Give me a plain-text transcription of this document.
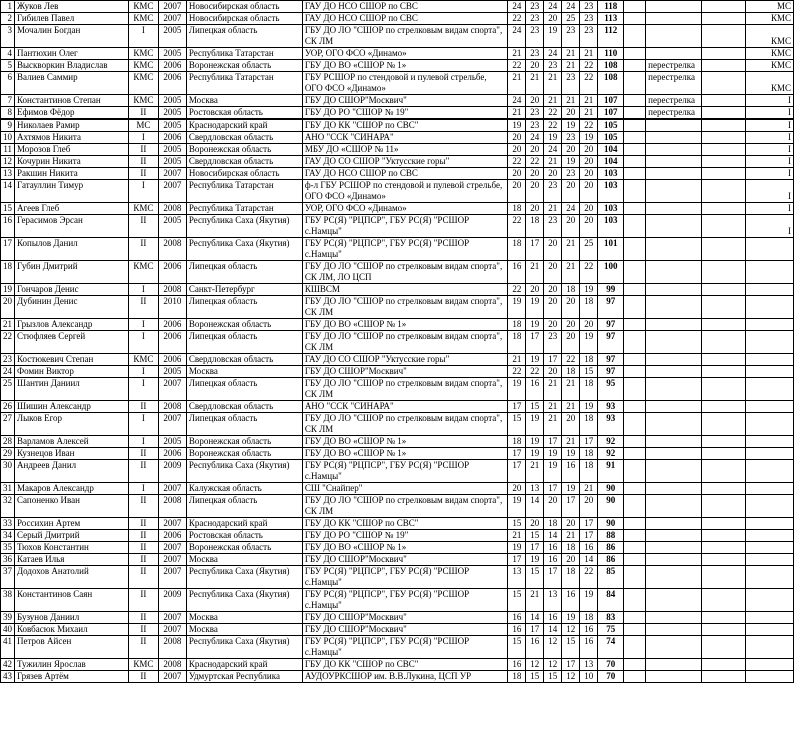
1	Жуков Лев	КМС	2007	Новосибирская область	ГАУ ДО НСО СШОР по СВС	24	23	24	24	23	118				МС
2	Гибилев Павел	КМС	2007	Новосибирская область	ГАУ ДО НСО СШОР по СВС	22	23	20	25	23	113				КМС
3	Мочалин Богдан	I	2005	Липецкая область	ГБУ ДО ЛО "СШОР по стрелковым видам спорта", СК ЛМ	24	23	19	23	23	112				КМС
4	Пантюхин Олег	КМС	2005	Республика Татарстан	УОР, ОГО ФСО «Динамо»	21	23	24	21	21	110				КМС
5	Выскворкин Владислав	КМС	2006	Воронежская область	ГБУ ДО ВО «СШОР № 1»	22	20	23	21	22	108		перестрелка		КМС
6	Валиев Саммир	КМС	2006	Республика Татарстан	ГБУ РСШОР по стендовой и пулевой стрельбе, ОГО ФСО «Динамо»	21	21	21	23	22	108		перестрелка		КМС
7	Константинов Степан	КМС	2005	Москва	ГБУ ДО СШОР"Москвич"	24	20	21	21	21	107		перестрелка		I
8	Ефимов Фёдор	II	2005	Ростовская область	ГБУ ДО РО "СШОР № 19"	21	23	22	20	21	107		перестрелка		I
9	Николаев Рамир	МС	2005	Краснодарский край	ГБУ ДО КК "СШОР по СВС"	19	23	22	19	22	105				I
10	Ахтямов Никита	I	2006	Свердловская область	АНО "ССК "СИНАРА"	20	24	19	23	19	105				I
11	Морозов Глеб	II	2005	Воронежская область	МБУ ДО «СШОР № 11»	20	20	24	20	20	104				I
12	Кочурин Никита	II	2005	Свердловская область	ГАУ ДО СО СШОР "Уктусские горы"	22	22	21	19	20	104				I
13	Ракшин Никита	II	2007	Новосибирская область	ГАУ ДО НСО СШОР по СВС	20	20	20	23	20	103				I
14	Гатауллин Тимур	I	2007	Республика Татарстан	ф-л ГБУ РСШОР по стендовой и пулевой стрельбе, ОГО ФСО «Динамо»	20	20	23	20	20	103				I
15	Агеев Глеб	КМС	2008	Республика Татарстан	УОР, ОГО ФСО «Динамо»	18	20	21	24	20	103				I
16	Герасимов Эрсан	II	2005	Республика Саха (Якутия)	ГБУ РС(Я) "РЦПСР", ГБУ РС(Я) "РСШОР с.Намцы"	22	18	23	20	20	103				I
17	Копылов Данил	II	2008	Республика Саха (Якутия)	ГБУ РС(Я) "РЦПСР", ГБУ РС(Я) "РСШОР с.Намцы"	18	17	20	21	25	101				
18	Губин Дмитрий	КМС	2006	Липецкая область	ГБУ ДО ЛО "СШОР по стрелковым видам спорта", СК ЛМ, ЛО ЦСП	16	21	20	21	22	100				
19	Гончаров Денис	I	2008	Санкт-Петербург	КШВСМ	22	20	20	18	19	99				
20	Дубинин Денис	II	2010	Липецкая область	ГБУ ДО ЛО "СШОР по стрелковым видам спорта", СК ЛМ	19	19	20	20	18	97				
21	Грызлов Александр	I	2006	Воронежская область	ГБУ ДО ВО «СШОР № 1»	18	19	20	20	20	97				
22	Стюфляев Сергей	I	2006	Липецкая область	ГБУ ДО ЛО "СШОР по стрелковым видам спорта", СК ЛМ	18	17	23	20	19	97				
23	Костюкевич Степан	КМС	2006	Свердловская область	ГАУ ДО СО СШОР "Уктусские горы"	21	19	17	22	18	97				
24	Фомин Виктор	I	2005	Москва	ГБУ ДО СШОР"Москвич"	22	22	20	18	15	97				
25	Шантин Даниил	I	2007	Липецкая область	ГБУ ДО ЛО "СШОР по стрелковым видам спорта", СК ЛМ	19	16	21	21	18	95				
26	Шишин Александр	II	2008	Свердловская область	АНО "ССК "СИНАРА"	17	15	21	21	19	93				
27	Лыков Егор	I	2007	Липецкая область	ГБУ ДО ЛО "СШОР по стрелковым видам спорта", СК ЛМ	15	19	21	20	18	93				
28	Варламов Алексей	I	2005	Воронежская область	ГБУ ДО ВО «СШОР № 1»	18	19	17	21	17	92				
29	Кузнецов Иван	II	2006	Воронежская область	ГБУ ДО ВО «СШОР № 1»	17	19	19	19	18	92				
30	Андреев Данил	II	2009	Республика Саха (Якутия)	ГБУ РС(Я) "РЦПСР", ГБУ РС(Я) "РСШОР с.Намцы"	17	21	19	16	18	91				
31	Макаров Александр	I	2007	Калужская область	СШ "Снайпер"	20	13	17	19	21	90				
32	Сапоненко Иван	II	2008	Липецкая область	ГБУ ДО ЛО "СШОР по стрелковым видам спорта", СК ЛМ	19	14	20	17	20	90				
33	Россихин Артем	II	2007	Краснодарский край	ГБУ ДО КК "СШОР по СВС"	15	20	18	20	17	90				
34	Серый Дмитрий	II	2006	Ростовская область	ГБУ ДО РО "СШОР № 19"	21	15	14	21	17	88				
35	Тюхов Константин	II	2007	Воронежская область	ГБУ ДО ВО «СШОР № 1»	19	17	16	18	16	86				
36	Катаев Илья	II	2007	Москва	ГБУ ДО СШОР"Москвич"	17	19	16	20	14	86				
37	Додохов Анатолий	II	2007	Республика Саха (Якутия)	ГБУ РС(Я) "РЦПСР", ГБУ РС(Я) "РСШОР с.Намцы"	13	15	17	18	22	85				
38	Константинов Саян	II	2009	Республика Саха (Якутия)	ГБУ РС(Я) "РЦПСР", ГБУ РС(Я) "РСШОР с.Намцы"	15	21	13	16	19	84				
39	Бузунов Даниил	II	2007	Москва	ГБУ ДО СШОР"Москвич"	16	14	16	19	18	83				
40	Ковбасюк Михаил	II	2007	Москва	ГБУ ДО СШОР"Москвич"	16	17	14	12	16	75				
41	Петров Айсен	II	2008	Республика Саха (Якутия)	ГБУ РС(Я) "РЦПСР", ГБУ РС(Я) "РСШОР с.Намцы"	15	16	12	15	16	74				
42	Тужилин Ярослав	КМС	2008	Краснодарский край	ГБУ ДО КК "СШОР по СВС"	16	12	12	17	13	70				
43	Грязев Артём	II	2007	Удмуртская Республика	АУДОУРКСШОР им. В.В.Лукина, ЦСП УР	18	15	15	12	10	70				
